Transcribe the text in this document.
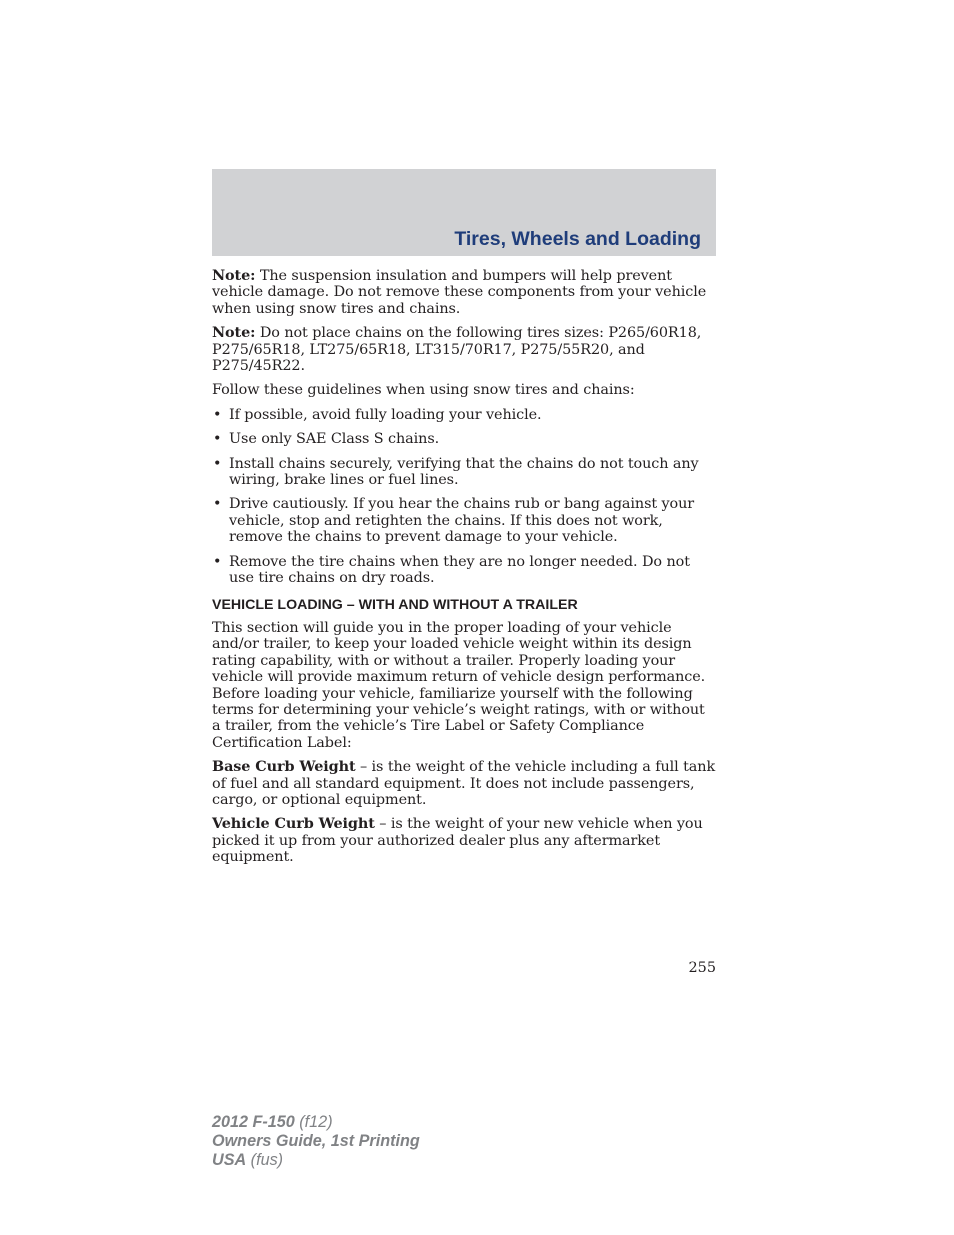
Tires, Wheels and Loading

Note: The suspension insulation and bumpers will help prevent vehicle damage. Do not remove these components from your vehicle when using snow tires and chains.

Note: Do not place chains on the following tires sizes: P265/60R18, P275/65R18, LT275/65R18, LT315/70R17, P275/55R20, and P275/45R22.

Follow these guidelines when using snow tires and chains:

• If possible, avoid fully loading your vehicle.
• Use only SAE Class S chains.
• Install chains securely, verifying that the chains do not touch any wiring, brake lines or fuel lines.
• Drive cautiously. If you hear the chains rub or bang against your vehicle, stop and retighten the chains. If this does not work, remove the chains to prevent damage to your vehicle.
• Remove the tire chains when they are no longer needed. Do not use tire chains on dry roads.
VEHICLE LOADING – WITH AND WITHOUT A TRAILER

This section will guide you in the proper loading of your vehicle and/or trailer, to keep your loaded vehicle weight within its design rating capability, with or without a trailer. Properly loading your vehicle will provide maximum return of vehicle design performance. Before loading your vehicle, familiarize yourself with the following terms for determining your vehicle’s weight ratings, with or without a trailer, from the vehicle’s Tire Label or Safety Compliance Certification Label:

Base Curb Weight – is the weight of the vehicle including a full tank of fuel and all standard equipment. It does not include passengers, cargo, or optional equipment.

Vehicle Curb Weight – is the weight of your new vehicle when you picked it up from your authorized dealer plus any aftermarket equipment.

255
2012 F-150 (f12)
Owners Guide, 1st Printing
USA (fus)
